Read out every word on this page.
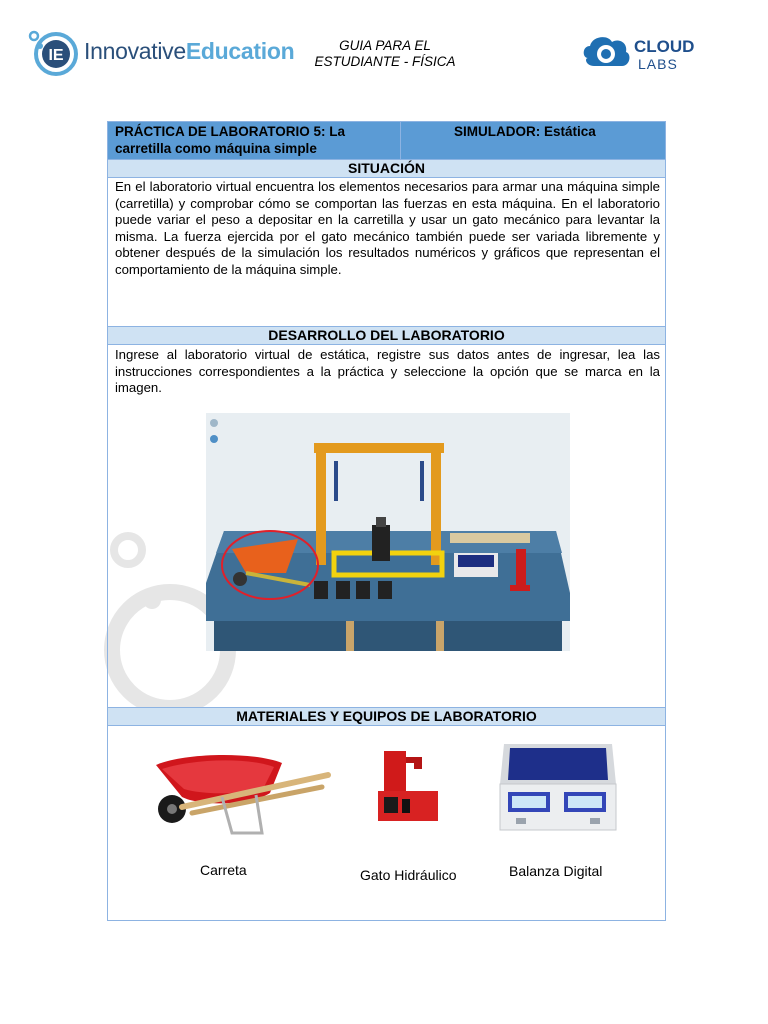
IE InnovativeEducation	GUIA PARA EL
ESTUDIANTE - FÍSICA
CLOUD
LABS
PRÁCTICA DE LABORATORIO 5: La carretilla como máquina simple
SIMULADOR: Estática
SITUACIÓN
En el laboratorio virtual encuentra los elementos necesarios para armar una máquina simple (carretilla) y comprobar cómo se comportan las fuerzas en esta máquina. En el laboratorio puede variar el peso a depositar en la carretilla y usar un gato mecánico para levantar la misma. La fuerza ejercida por el gato mecánico también puede ser variada libremente y obtener después de la simulación los resultados numéricos y gráficos que representan el comportamiento de la máquina simple.
DESARROLLO DEL LABORATORIO
Ingrese al laboratorio virtual de estática, registre sus datos antes de ingresar, lea las instrucciones correspondientes a la práctica y seleccione la opción que se marca en la imagen.
MATERIALES Y EQUIPOS DE LABORATORIO
Carreta	Gato Hidráulico	Balanza Digital
